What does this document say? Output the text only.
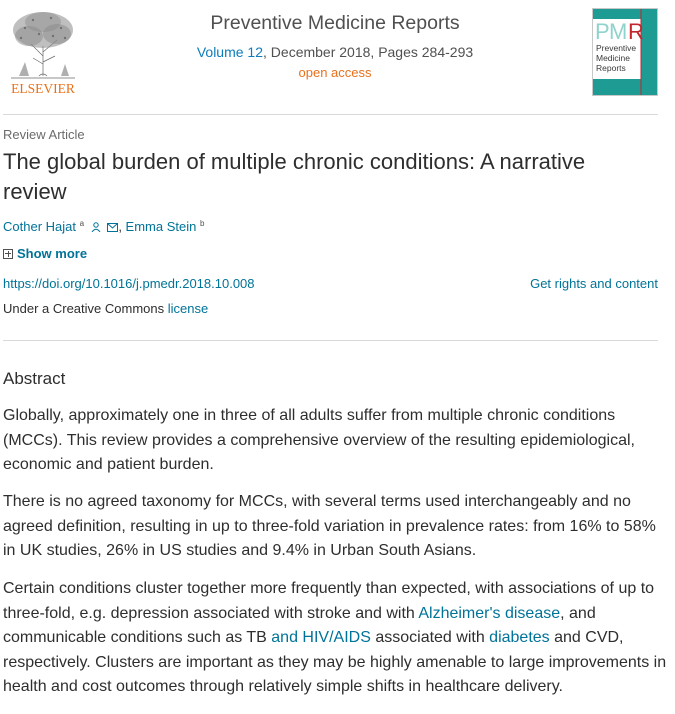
ELSEVIER
Preventive Medicine Reports
Volume 12, December 2018, Pages 284-293
open access
P M R
Preventive
Medicine
Reports
Review Article
The global burden of multiple chronic conditions: A narrative review
Cother Hajat $^a$	, Emma Stein $^b$
Show more
https://doi.org/10.1016/j.pmedr.2018.10.008	Get rights and content
Under a Creative Commons license
Abstract
Globally, approximately one in three of all adults suffer from multiple chronic conditions (MCCs). This review provides a comprehensive overview of the resulting epidemiological, economic and patient burden.
There is no agreed taxonomy for MCCs, with several terms used interchangeably and no agreed definition, resulting in up to three-fold variation in prevalence rates: from 16% to 58% in UK studies, 26% in US studies and 9.4% in Urban South Asians.
Certain conditions cluster together more frequently than expected, with associations of up to three-fold, e.g. depression associated with stroke and with Alzheimer's disease, and communicable conditions such as TB and HIV/AIDS associated with diabetes and CVD, respectively. Clusters are important as they may be highly amenable to large improvements in health and cost outcomes through relatively simple shifts in healthcare delivery.
